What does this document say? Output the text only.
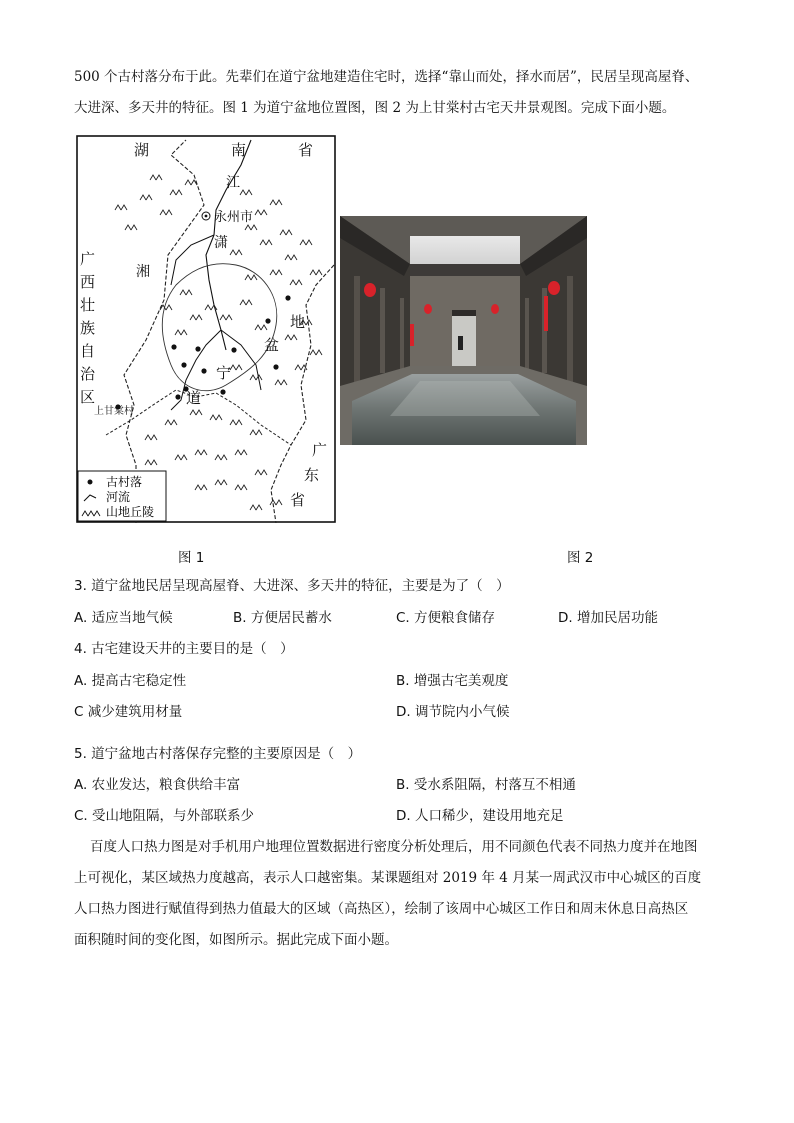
500 个古村落分布于此。先辈们在道宁盆地建造住宅时，选择“靠山而处，择水而居”，民居呈现高屋脊、
大进深、多天井的特征。图 1 为道宁盆地位置图，图 2 为上甘棠村古宅天井景观图。完成下面小题。
湖	南	省
江
永州市
潇
湘
广
西
壮
族
自
治
区
地
盆
宁
道
上甘棠村
广
东
省
古村落
河流
山地丘陵
图 1	图 2
3. 道宁盆地民居呈现高屋脊、大进深、多天井的特征，主要是为了（　）
A. 适应当地气候	B. 方便居民蓄水	C. 方便粮食储存	D. 增加民居功能
4. 古宅建设天井的主要目的是（　）
A. 提高古宅稳定性	B. 增强古宅美观度
C 减少建筑用材量	D. 调节院内小气候
5. 道宁盆地古村落保存完整的主要原因是（　）
A. 农业发达，粮食供给丰富	B. 受水系阻隔，村落互不相通
C. 受山地阻隔，与外部联系少	D. 人口稀少，建设用地充足
百度人口热力图是对手机用户地理位置数据进行密度分析处理后，用不同颜色代表不同热力度并在地图
上可视化，某区域热力度越高，表示人口越密集。某课题组对 2019 年 4 月某一周武汉市中心城区的百度
人口热力图进行赋值得到热力值最大的区域（高热区），绘制了该周中心城区工作日和周末休息日高热区
面积随时间的变化图，如图所示。据此完成下面小题。
